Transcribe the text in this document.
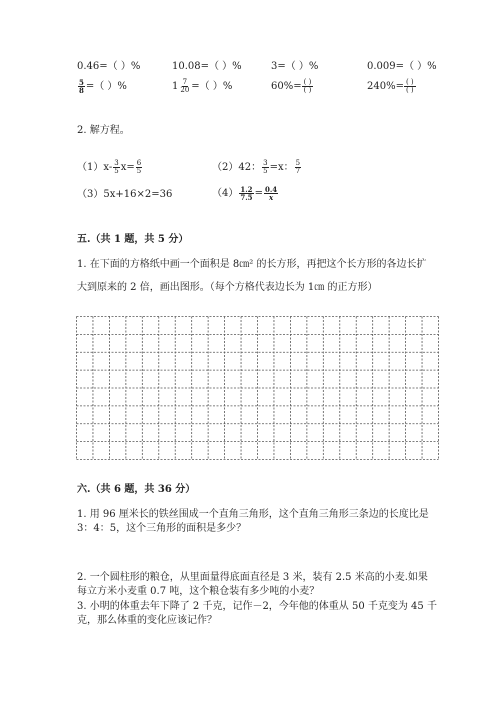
0.46=（ ）%	10.08=（ ）%	3=（ ）%	0.009=（ ）%
$\frac{5}{8}$ =（ ）%	$1 \frac{7}{20}$ =（ ）%	$60\%= \frac{( )}{( )}$	$240\%= \frac{( )}{( )}$
2. 解方程。
$(1)x- \frac{3}{5} x= \frac{6}{5}$	（2）42： $\frac{3}{5} =x$： $\frac{5}{7}$
（3）5x+16×2=36	$(4) \frac{1.2}{7.5} = \frac{0.4}{x}$
五.（共 1 题，共 5 分）
1. 在下面的方格纸中画一个面积是 8㎝² 的长方形，再把这个长方形的各边长扩
大到原来的 2 倍，画出图形。（每个方格代表边长为 1㎝ 的正方形）
六.（共 6 题，共 36 分）
1. 用 96 厘米长的铁丝围成一个直角三角形，这个直角三角形三条边的长度比是
3：4：5，这个三角形的面积是多少？
2. 一个圆柱形的粮仓，从里面量得底面直径是 3 米，装有 2.5 米高的小麦.如果
每立方米小麦重 0.7 吨，这个粮仓装有多少吨的小麦？
3. 小明的体重去年下降了 2 千克，记作－2，今年他的体重从 50 千克变为 45 千
克，那么体重的变化应该记作？
